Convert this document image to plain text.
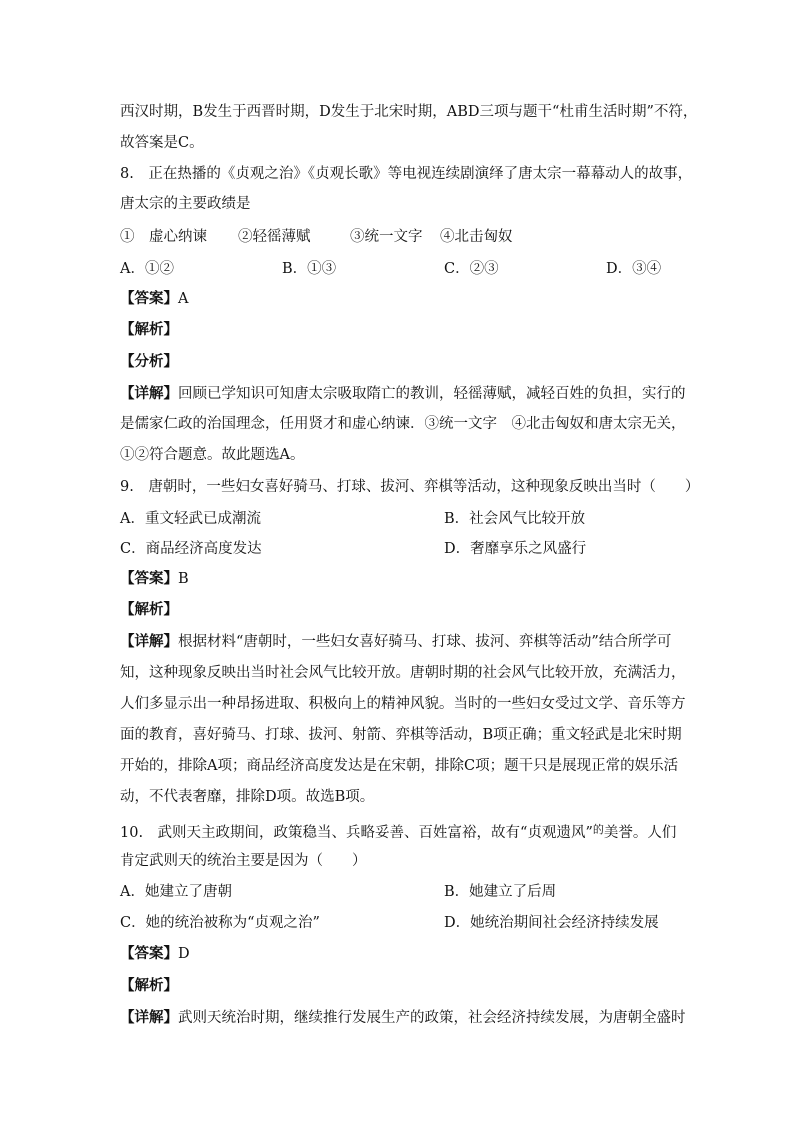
西汉时期，B发生于西晋时期，D发生于北宋时期，ABD三项与题干“杜甫生活时期”不符，
故答案是C。
8.　正在热播的《贞观之治》《贞观长歌》等电视连续剧演绎了唐太宗一幕幕动人的故事，
唐太宗的主要政绩是
①　虚心纳谏 ②轻徭薄赋	③统一文字 ④北击匈奴
A．①②	B．①③	C．②③	D．③④
【答案】A
【解析】
【分析】
【详解】回顾已学知识可知唐太宗吸取隋亡的教训，轻徭薄赋，减轻百姓的负担，实行的
是儒家仁政的治国理念，任用贤才和虚心纳谏．③统一文字　④北击匈奴和唐太宗无关，
①②符合题意。故此题选A。
9.　唐朝时，一些妇女喜好骑马、打球、拔河、弈棋等活动，这种现象反映出当时（　　）
A．重文轻武已成潮流	B．社会风气比较开放
C．商品经济高度发达	D．奢靡享乐之风盛行
【答案】B
【解析】
【详解】根据材料“唐朝时，一些妇女喜好骑马、打球、拔河、弈棋等活动”结合所学可
知，这种现象反映出当时社会风气比较开放。唐朝时期的社会风气比较开放，充满活力，
人们多显示出一种昂扬进取、积极向上的精神风貌。当时的一些妇女受过文学、音乐等方
面的教育，喜好骑马、打球、拔河、射箭、弈棋等活动，B项正确；重文轻武是北宋时期
开始的，排除A项；商品经济高度发达是在宋朝，排除C项；题干只是展现正常的娱乐活
动，不代表奢靡，排除D项。故选B项。
10.　武则天主政期间，政策稳当、兵略妥善、百姓富裕，故有“贞观遗风”$^的$美誉。人们
肯定武则天的统治主要是因为（　　）
A．她建立了唐朝	B．她建立了后周
C．她的统治被称为“贞观之治”	D．她统治期间社会经济持续发展
【答案】D
【解析】
【详解】武则天统治时期，继续推行发展生产的政策，社会经济持续发展，为唐朝全盛时
